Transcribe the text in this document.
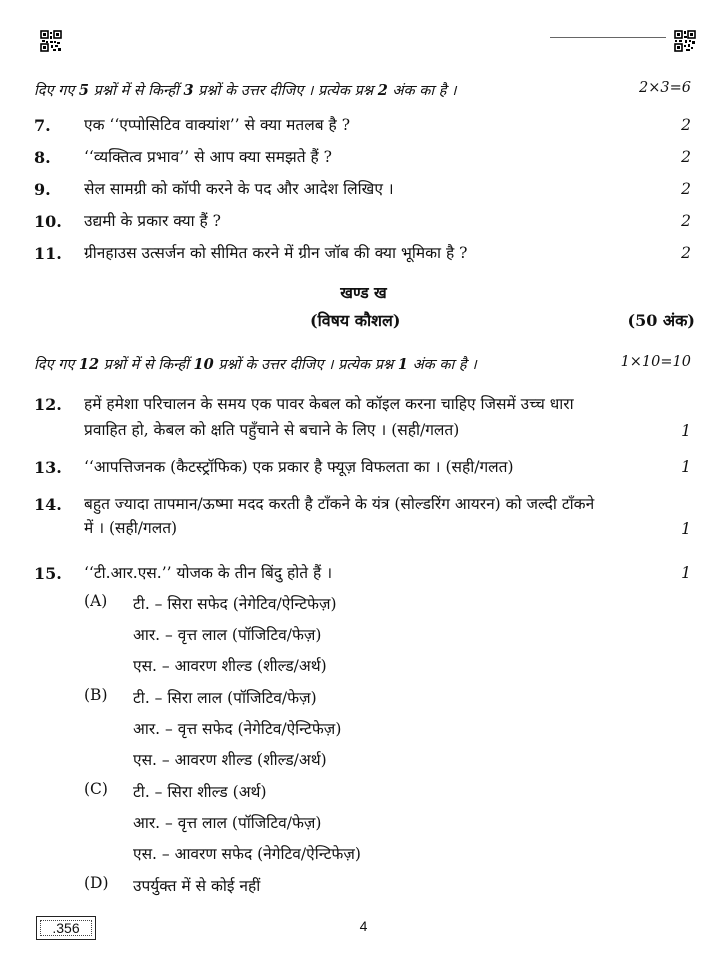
दिए गए 5 प्रश्नों में से किन्हीं 3 प्रश्नों के उत्तर दीजिए । प्रत्येक प्रश्न 2 अंक का है ।	2×3=6
7. एक ‘‘एप्पोसिटिव वाक्यांश’’ से क्या मतलब है ?	2
8. ‘‘व्यक्तित्व प्रभाव’’ से आप क्या समझते हैं ?	2
9. सेल सामग्री को कॉपी करने के पद और आदेश लिखिए ।	2
10. उद्यमी के प्रकार क्या हैं ?	2
11. ग्रीनहाउस उत्सर्जन को सीमित करने में ग्रीन जॉब की क्या भूमिका है ?	2
खण्ड ख
(विषय कौशल)	(50 अंक)
दिए गए 12 प्रश्नों में से किन्हीं 10 प्रश्नों के उत्तर दीजिए । प्रत्येक प्रश्न 1 अंक का है ।	1×10=10
12. हमें हमेशा परिचालन के समय एक पावर केबल को कॉइल करना चाहिए जिसमें उच्च धारा
प्रवाहित हो, केबल को क्षति पहुँचाने से बचाने के लिए । (सही/गलत)	1
13. ‘‘आपत्तिजनक (कैटस्ट्रॉफिक) एक प्रकार है फ्यूज़ विफलता का । (सही/गलत)	1
14. बहुत ज्यादा तापमान/ऊष्मा मदद करती है टाँकने के यंत्र (सोल्डरिंग आयरन) को जल्दी टाँकने
में । (सही/गलत)	1
15. ‘‘टी.आर.एस.’’ योजक के तीन बिंदु होते हैं ।	1
(A) टी. – सिरा सफेद (नेगेटिव/ऐन्टिफेज़)
आर. – वृत्त लाल (पॉजिटिव/फेज़)
एस. – आवरण शील्ड (शील्ड/अर्थ)
(B) टी. – सिरा लाल (पॉजिटिव/फेज़)
आर. – वृत्त सफेद (नेगेटिव/ऐन्टिफेज़)
एस. – आवरण शील्ड (शील्ड/अर्थ)
(C) टी. – सिरा शील्ड (अर्थ)
आर. – वृत्त लाल (पॉजिटिव/फेज़)
एस. – आवरण सफेद (नेगेटिव/ऐन्टिफेज़)
(D) उपर्युक्त में से कोई नहीं
.356	4
